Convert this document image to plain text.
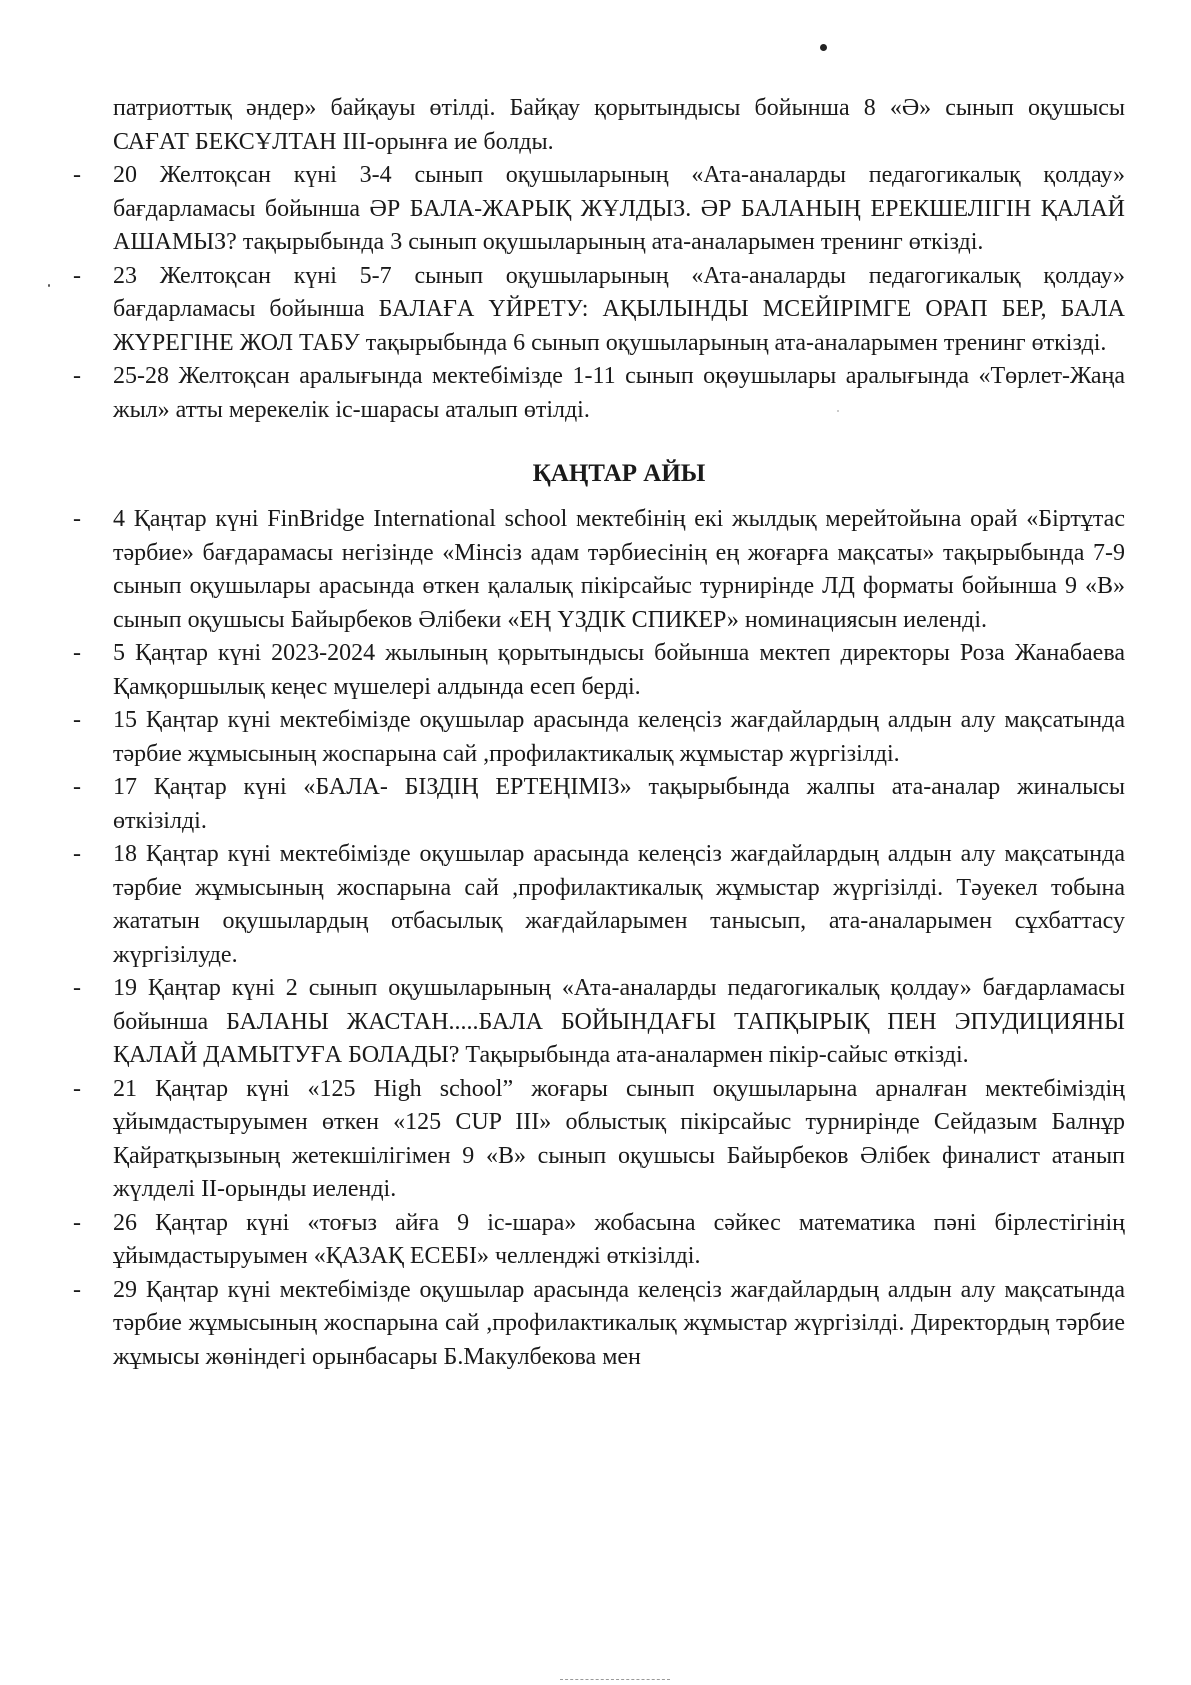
патриоттық әндер» байқауы өтілді. Байқау қорытындысы бойынша 8 «Ә» сынып оқушысы САҒАТ БЕКСҰЛТАН III-орынға ие болды.

- 20 Желтоқсан күні 3-4 сынып оқушыларының «Ата-аналарды педагогикалық қолдау» бағдарламасы бойынша ӘР БАЛА-ЖАРЫҚ ЖҰЛДЫЗ. ӘР БАЛАНЫҢ ЕРЕКШЕЛІГІН ҚАЛАЙ АШАМЫЗ? тақырыбында 3 сынып оқушыларының ата-аналарымен тренинг өткізді.

- 23 Желтоқсан күні 5-7 сынып оқушыларының «Ата-аналарды педагогикалық қолдау» бағдарламасы бойынша БАЛАҒА ҮЙРЕТУ: АҚЫЛЫНДЫ МСЕЙІРІМГЕ ОРАП БЕР, БАЛА ЖҮРЕГІНЕ ЖОЛ ТАБУ тақырыбында 6 сынып оқушыларының ата-аналарымен тренинг өткізді.

- 25-28 Желтоқсан аралығында мектебімізде 1-11 сынып оқөушылары аралығында «Төрлет-Жаңа жыл» атты мерекелік іс-шарасы аталып өтілді.

ҚАҢТАР АЙЫ
- 4 Қаңтар күні FinBridge International school мектебінің екі жылдық мерейтойына орай «Біртұтас тәрбие» бағдарамасы негізінде «Мінсіз адам тәрбиесінің ең жоғарға мақсаты» тақырыбында 7-9 сынып оқушылары арасында өткен қалалық пікірсайыс турнирінде ЛД форматы бойынша 9 «В» сынып оқушысы Байырбеков Әлібеки «ЕҢ ҮЗДІК СПИКЕР» номинациясын иеленді.

- 5 Қаңтар күні 2023-2024 жылының қорытындысы бойынша мектеп директоры Роза Жанабаева Қамқоршылық кеңес мүшелері алдында есеп берді.

- 15 Қаңтар күні мектебімізде оқушылар арасында келеңсіз жағдайлардың алдын алу мақсатында тәрбие жұмысының жоспарына сай ,профилактикалық жұмыстар жүргізілді.

- 17 Қаңтар күні «БАЛА- БІЗДІҢ ЕРТЕҢІМІЗ» тақырыбында жалпы ата-аналар жиналысы өткізілді.

- 18 Қаңтар күні мектебімізде оқушылар арасында келеңсіз жағдайлардың алдын алу мақсатында тәрбие жұмысының жоспарына сай ,профилактикалық жұмыстар жүргізілді. Тәуекел тобына жататын оқушылардың отбасылық жағдайларымен танысып, ата-аналарымен сұхбаттасу жүргізілуде.

- 19 Қаңтар күні 2 сынып оқушыларының «Ата-аналарды педагогикалық қолдау» бағдарламасы бойынша БАЛАНЫ ЖАСТАН.....БАЛА БОЙЫНДАҒЫ ТАПҚЫРЫҚ ПЕН ЭПУДИЦИЯНЫ ҚАЛАЙ ДАМЫТУҒА БОЛАДЫ? Тақырыбында ата-аналармен пікір-сайыс өткізді.

- 21 Қаңтар күні «125 High school” жоғары сынып оқушыларына арналған мектебіміздің ұйымдастыруымен өткен «125 CUP III» облыстық пікірсайыс турнирінде Сейдазым Балнұр Қайратқызының жетекшілігімен 9 «В» сынып оқушысы Байырбеков Әлібек финалист атанып жүлделі ІІ-орынды иеленді.

- 26 Қаңтар күні «тоғыз айға 9 іс-шара» жобасына сәйкес математика пәні бірлестігінің ұйымдастыруымен «ҚАЗАҚ ЕСЕБІ» челленджі өткізілді.

- 29 Қаңтар күні мектебімізде оқушылар арасында келеңсіз жағдайлардың алдын алу мақсатында тәрбие жұмысының жоспарына сай ,профилактикалық жұмыстар жүргізілді. Директордың тәрбие жұмысы жөніндегі орынбасары Б.Макулбекова мен
